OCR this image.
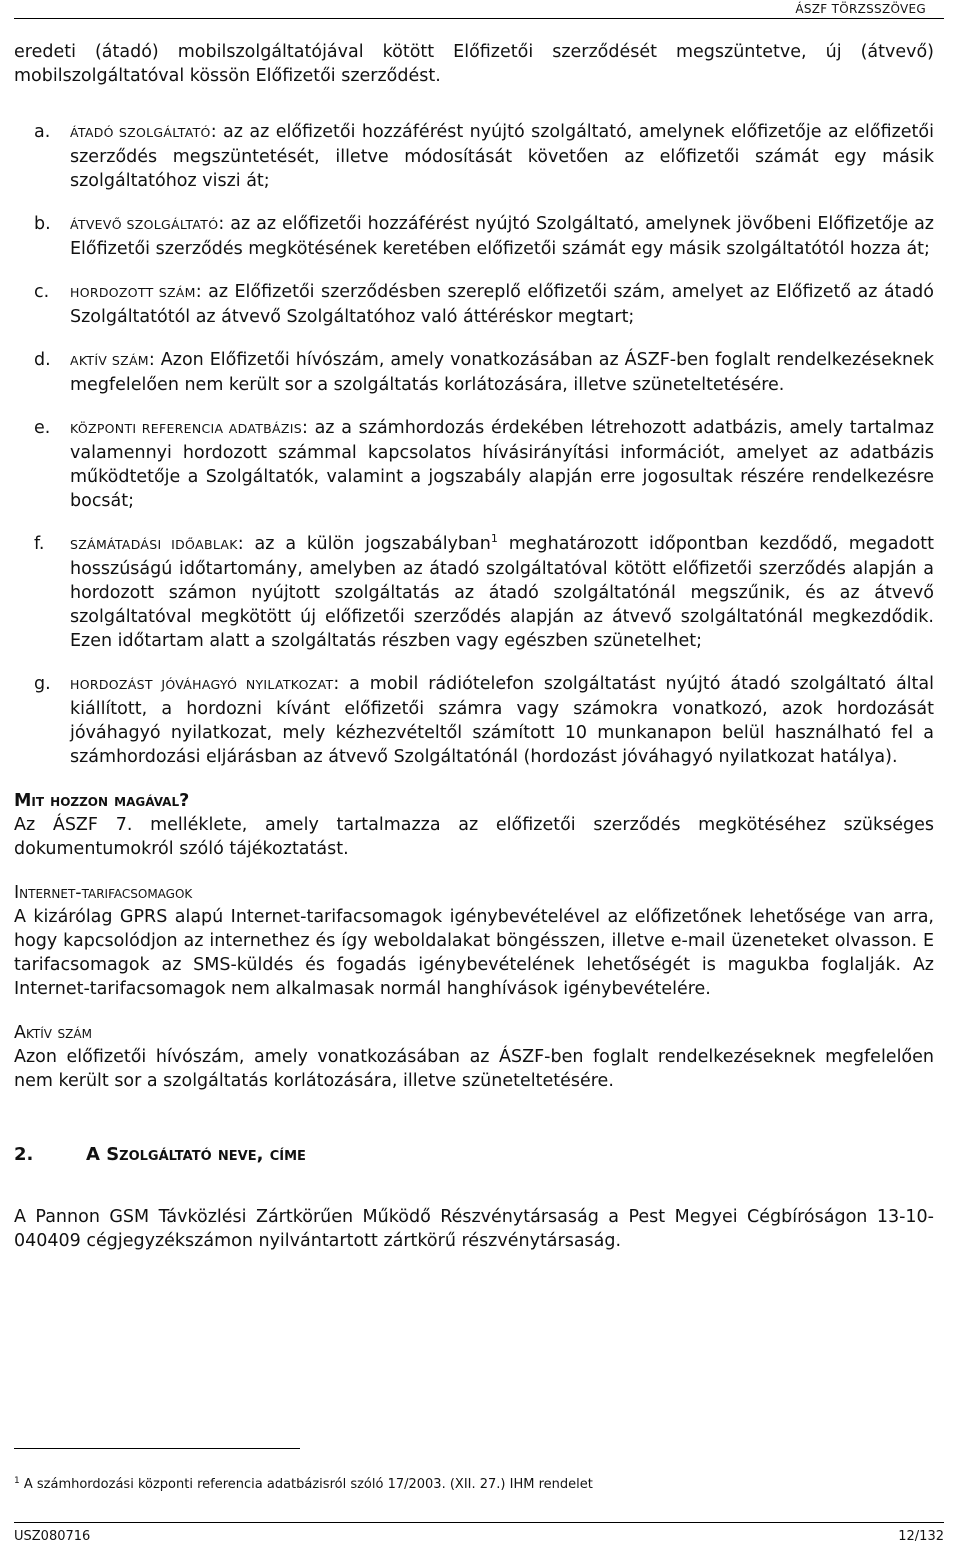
ÁSZF TÖRZSSZÖVEG

eredeti (átadó) mobilszolgáltatójával kötött Előfizetői szerződését megszüntetve, új (átvevő) mobilszolgáltatóval kössön Előfizetői szerződést.

a. ÁTADÓ SZOLGÁLTATÓ: az az előfizetői hozzáférést nyújtó szolgáltató, amelynek előfizetője az előfizetői szerződés megszüntetését, illetve módosítását követően az előfizetői számát egy másik szolgáltatóhoz viszi át;
b. ÁTVEVŐ SZOLGÁLTATÓ: az az előfizetői hozzáférést nyújtó Szolgáltató, amelynek jövőbeni Előfizetője az Előfizetői szerződés megkötésének keretében előfizetői számát egy másik szolgáltatótól hozza át;
c. HORDOZOTT SZÁM: az Előfizetői szerződésben szereplő előfizetői szám, amelyet az Előfizető az átadó Szolgáltatótól az átvevő Szolgáltatóhoz való áttéréskor megtart;
d. AKTÍV SZÁM: Azon Előfizetői hívószám, amely vonatkozásában az ÁSZF-ben foglalt rendelkezéseknek megfelelően nem került sor a szolgáltatás korlátozására, illetve szüneteltetésére.
e. KÖZPONTI REFERENCIA ADATBÁZIS: az a számhordozás érdekében létrehozott adatbázis, amely tartalmaz valamennyi hordozott számmal kapcsolatos hívásirányítási információt, amelyet az adatbázis működtetője a Szolgáltatók, valamint a jogszabály alapján erre jogosultak részére rendelkezésre bocsát;
f. SZÁMÁTADÁSI IDŐABLAK: az a külön jogszabályban$^1$ meghatározott időpontban kezdődő, megadott hosszúságú időtartomány, amelyben az átadó szolgáltatóval kötött előfizetői szerződés alapján a hordozott számon nyújtott szolgáltatás az átadó szolgáltatónál megszűnik, és az átvevő szolgáltatóval megkötött új előfizetői szerződés alapján az átvevő szolgáltatónál megkezdődik. Ezen időtartam alatt a szolgáltatás részben vagy egészben szünetelhet;
g. HORDOZÁST JÓVÁHAGYÓ NYILATKOZAT: a mobil rádiótelefon szolgáltatást nyújtó átadó szolgáltató által kiállított, a hordozni kívánt előfizetői számra vagy számokra vonatkozó, azok hordozását jóváhagyó nyilatkozat, mely kézhezvételtől számított 10 munkanapon belül használható fel a számhordozási eljárásban az átvevő Szolgáltatónál (hordozást jóváhagyó nyilatkozat hatálya).

Mit hozzon magával?

Az ÁSZF 7. melléklete, amely tartalmazza az előfizetői szerződés megkötéséhez szükséges dokumentumokról szóló tájékoztatást.

Internet-tarifacsomagok

A kizárólag GPRS alapú Internet-tarifacsomagok igénybevételével az előfizetőnek lehetősége van arra, hogy kapcsolódjon az internethez és így weboldalakat böngésszen, illetve e-mail üzeneteket olvasson. E tarifacsomagok az SMS-küldés és fogadás igénybevételének lehetőségét is magukba foglalják. Az Internet-tarifacsomagok nem alkalmasak normál hanghívások igénybevételére.

Aktív szám

Azon előfizetői hívószám, amely vonatkozásában az ÁSZF-ben foglalt rendelkezéseknek megfelelően nem került sor a szolgáltatás korlátozására, illetve szüneteltetésére.

2.	A Szolgáltató neve, címe

A Pannon GSM Távközlési Zártkörűen Működő Részvénytársaság a Pest Megyei Cégbíróságon 13-10-040409 cégjegyzékszámon nyilvántartott zártkörű részvénytársaság.

$^1$ A számhordozási központi referencia adatbázisról szóló 17/2003. (XII. 27.) IHM rendelet
USZ080716	12/132
